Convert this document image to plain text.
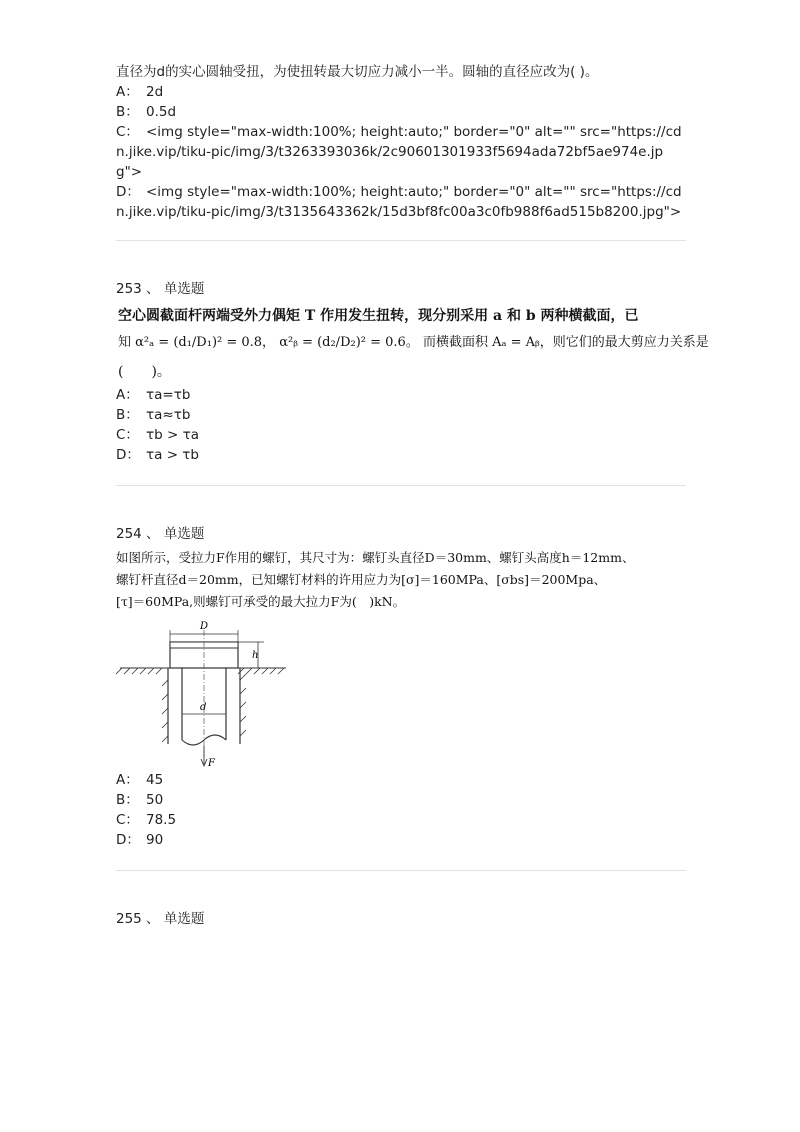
直径为d的实心圆轴受扭，为使扭转最大切应力减小一半。圆轴的直径应改为( )。
A： 2d
B： 0.5d
C： <img style="max-width:100%; height:auto;" border="0" alt="" src="https://cdn.jike.vip/tiku-pic/img/3/t3263393036k/2c90601301933f5694ada72bf5ae974e.jpg">
D： <img style="max-width:100%; height:auto;" border="0" alt="" src="https://cdn.jike.vip/tiku-pic/img/3/t3135643362k/15d3bf8fc00a3c0fb988f6ad515b8200.jpg">
253 、 单选题
空心圆截面杆两端受外力偶矩 T 作用发生扭转，现分别采用 a 和 b 两种横截面，已
知 α²ₐ = (d₁/D₁)² = 0.8， α²ᵦ = (d₂/D₂)² = 0.6。 而横截面积 Aₐ = Aᵦ，则它们的最大剪应力关系是
(　　)。
A： τa=τb
B： τa≈τb
C： τb > τa
D： τa > τb
254 、 单选题
如图所示，受拉力F作用的螺钉，其尺寸为：螺钉头直径D＝30mm、螺钉头高度h＝12mm、
螺钉杆直径d＝20mm，已知螺钉材料的许用应力为[σ]＝160MPa、[σbs]＝200Mpa、
[τ]＝60MPa,则螺钉可承受的最大拉力F为(　)kN。
D
h
d
F
A： 45
B： 50
C： 78.5
D： 90
255 、 单选题
